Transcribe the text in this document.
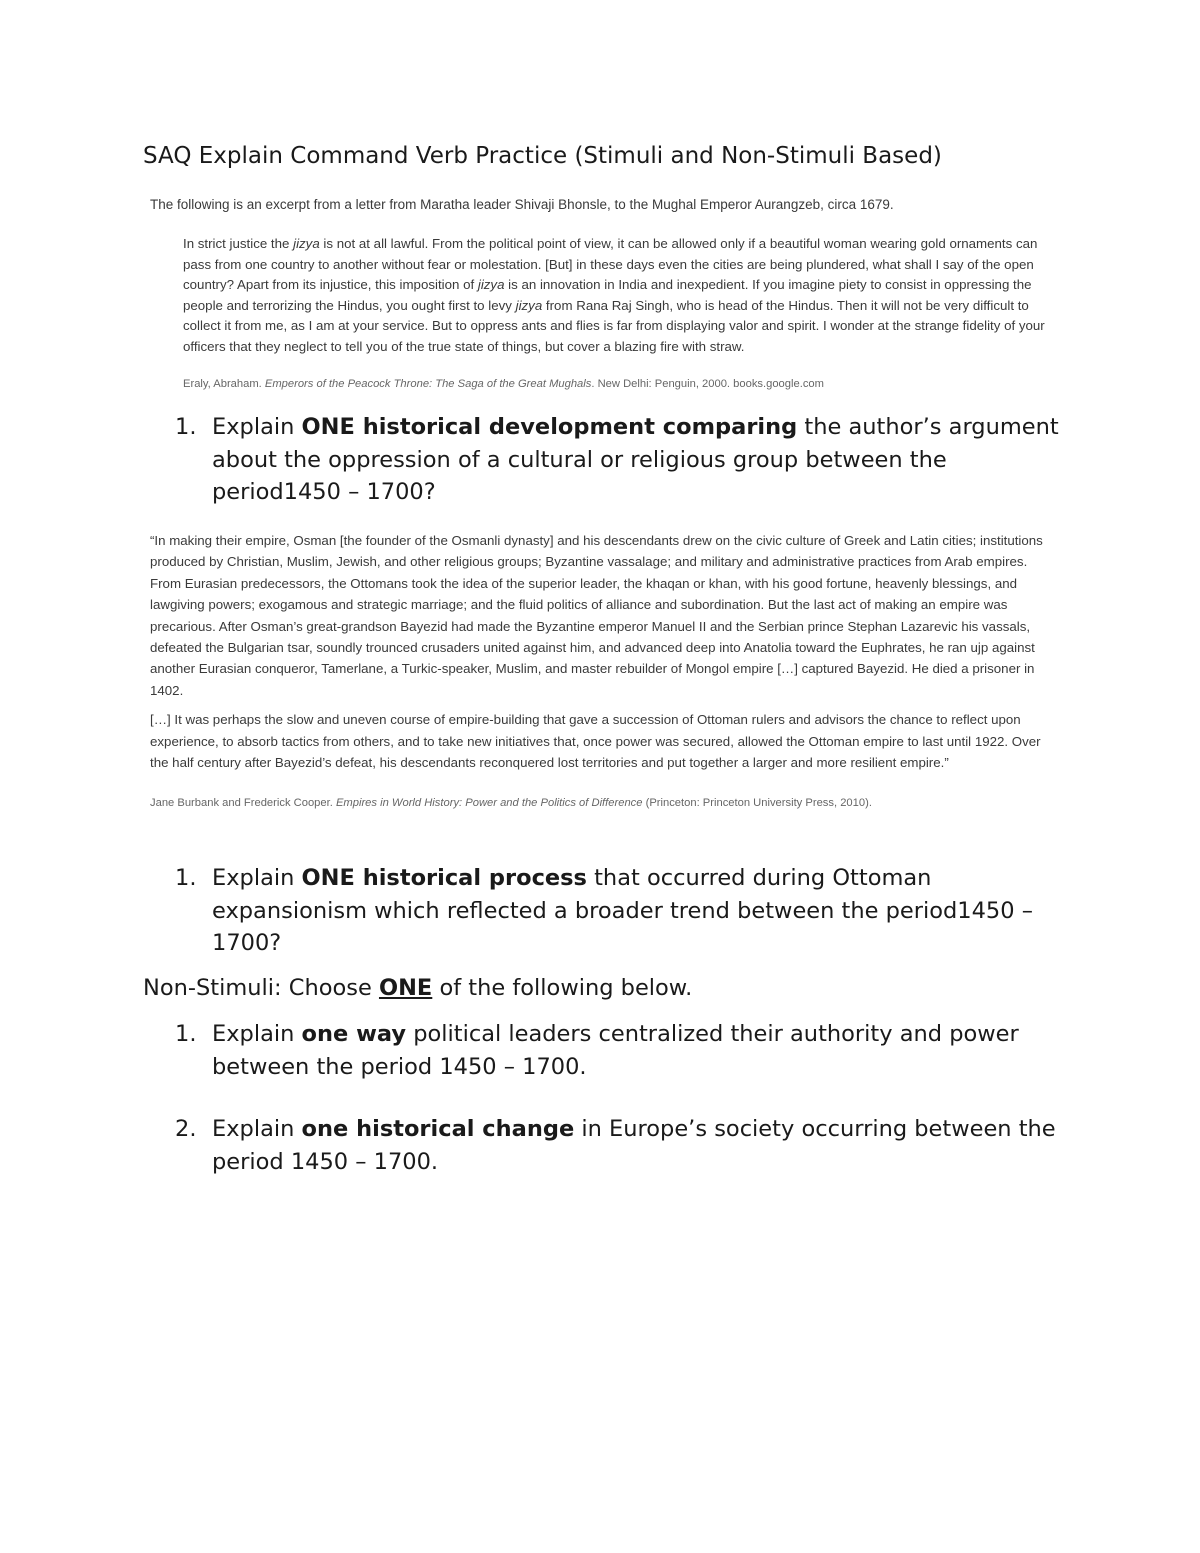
SAQ Explain Command Verb Practice (Stimuli and Non-Stimuli Based)

The following is an excerpt from a letter from Maratha leader Shivaji Bhonsle, to the Mughal Emperor Aurangzeb, circa 1679.

In strict justice the jizya is not at all lawful. From the political point of view, it can be allowed only if a beautiful woman wearing gold ornaments can pass from one country to another without fear or molestation. [But] in these days even the cities are being plundered, what shall I say of the open country? Apart from its injustice, this imposition of jizya is an innovation in India and inexpedient. If you imagine piety to consist in oppressing the people and terrorizing the Hindus, you ought first to levy jizya from Rana Raj Singh, who is head of the Hindus. Then it will not be very difficult to collect it from me, as I am at your service. But to oppress ants and flies is far from displaying valor and spirit. I wonder at the strange fidelity of your officers that they neglect to tell you of the true state of things, but cover a blazing fire with straw.

Eraly, Abraham. Emperors of the Peacock Throne: The Saga of the Great Mughals. New Delhi: Penguin, 2000. books.google.com

1. Explain ONE historical development comparing the author’s argument about the oppression of a cultural or religious group between the period1450 – 1700?

“In making their empire, Osman [the founder of the Osmanli dynasty] and his descendants drew on the civic culture of Greek and Latin cities; institutions produced by Christian, Muslim, Jewish, and other religious groups; Byzantine vassalage; and military and administrative practices from Arab empires. From Eurasian predecessors, the Ottomans took the idea of the superior leader, the khaqan or khan, with his good fortune, heavenly blessings, and lawgiving powers; exogamous and strategic marriage; and the fluid politics of alliance and subordination. But the last act of making an empire was precarious. After Osman’s great-grandson Bayezid had made the Byzantine emperor Manuel II and the Serbian prince Stephan Lazarevic his vassals, defeated the Bulgarian tsar, soundly trounced crusaders united against him, and advanced deep into Anatolia toward the Euphrates, he ran ujp against another Eurasian conqueror, Tamerlane, a Turkic-speaker, Muslim, and master rebuilder of Mongol empire […] captured Bayezid. He died a prisoner in 1402.

[…] It was perhaps the slow and uneven course of empire-building that gave a succession of Ottoman rulers and advisors the chance to reflect upon experience, to absorb tactics from others, and to take new initiatives that, once power was secured, allowed the Ottoman empire to last until 1922. Over the half century after Bayezid’s defeat, his descendants reconquered lost territories and put together a larger and more resilient empire.”

Jane Burbank and Frederick Cooper. Empires in World History: Power and the Politics of Difference (Princeton: Princeton University Press, 2010).

1. Explain ONE historical process that occurred during Ottoman expansionism which reflected a broader trend between the period1450 – 1700?

Non-Stimuli: Choose ONE of the following below.

1. Explain one way political leaders centralized their authority and power between the period 1450 – 1700.
2. Explain one historical change in Europe’s society occurring between the period 1450 – 1700.
